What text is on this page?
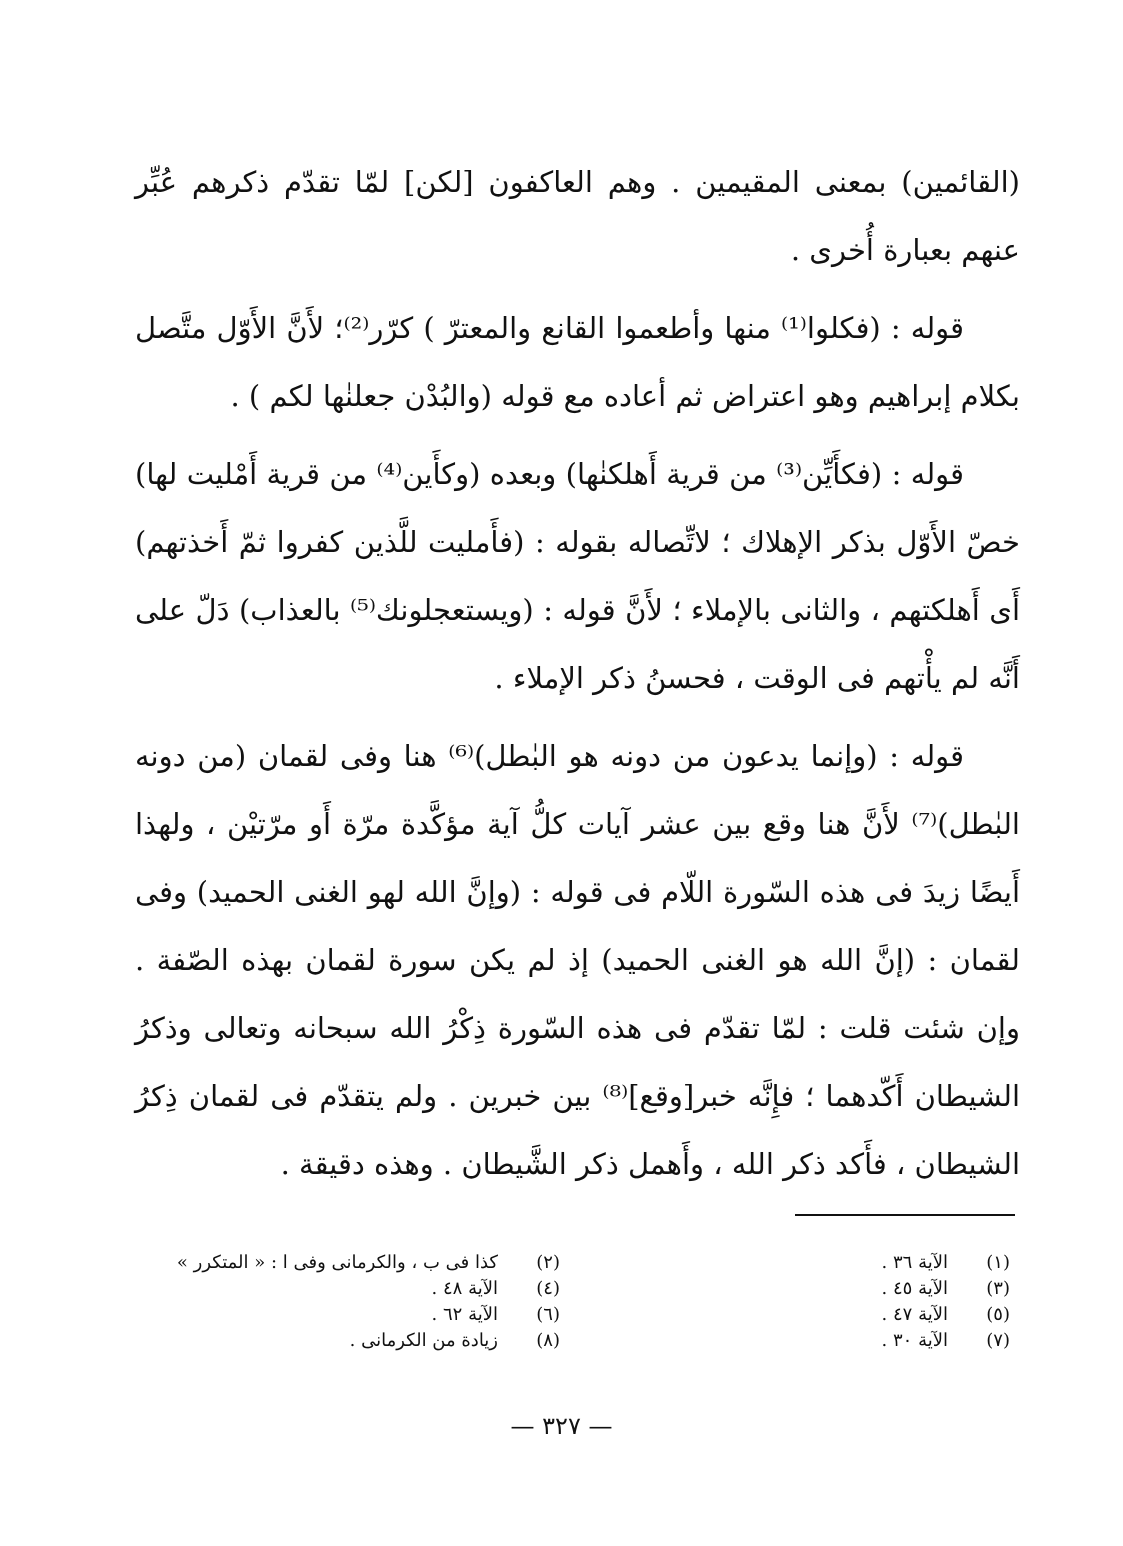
(القائمين) بمعنى المقيمين . وهم العاكفون [لكن] لمّا تقدّم ذكرهم عُبِّر عنهم بعبارة أُخرى .

قوله : (فكلوا⁽¹⁾ منها وأطعموا القانع والمعترّ ) كرّر⁽²⁾؛ لأَنَّ الأَوّل متَّصل بكلام إبراهيم وهو اعتراض ثم أعاده مع قوله (والبُدْن جعلنٰها لكم ) .

قوله : (فكأَيِّن⁽³⁾ من قرية أَهلكنٰها) وبعده (وكأَين⁽⁴⁾ من قرية أَمْليت لها) خصّ الأَوّل بذكر الإهلاك ؛ لاتِّصاله بقوله : (فأَمليت للَّذين كفروا ثمّ أَخذتهم) أَى أَهلكتهم ، والثانى بالإملاء ؛ لأَنَّ قوله : (ويستعجلونك⁽⁵⁾ بالعذاب) دَلّ على أَنَّه لم يأْتهم فى الوقت ، فحسنُ ذكر الإملاء .

قوله : (وإنما يدعون من دونه هو البٰطل)⁽⁶⁾ هنا وفى لقمان (من دونه البٰطل)⁽⁷⁾ لأَنَّ هنا وقع بين عشر آيات كلُّ آية مؤكَّدة مرّة أَو مرّتيْن ، ولهذا أَيضًا زيدَ فى هذه السّورة اللّام فى قوله : (وإنَّ الله لهو الغنى الحميد) وفى لقمان : (إنَّ الله هو الغنى الحميد) إذ لم يكن سورة لقمان بهذه الصّفة . وإن شئت قلت : لمّا تقدّم فى هذه السّورة ذِكْرُ الله سبحانه وتعالى وذكرُ الشيطان أَكّدهما ؛ فإِنَّه خبر[وقع]⁽⁸⁾ بين خبرين . ولم يتقدّم فى لقمان ذِكرُ الشيطان ، فأَكد ذكر الله ، وأَهمل ذكر الشَّيطان . وهذه دقيقة .

(١)
الآية ٣٦ .
(٢)
كذا فى ب ، والكرمانى وفى ا : « المتكرر »
(٣)
الآية ٤٥ .
(٤)
الآية ٤٨ .
(٥)
الآية ٤٧ .
(٦)
الآية ٦٢ .
(٧)
الآية ٣٠ .
(٨)
زيادة من الكرمانى .
— ٣٢٧ —
